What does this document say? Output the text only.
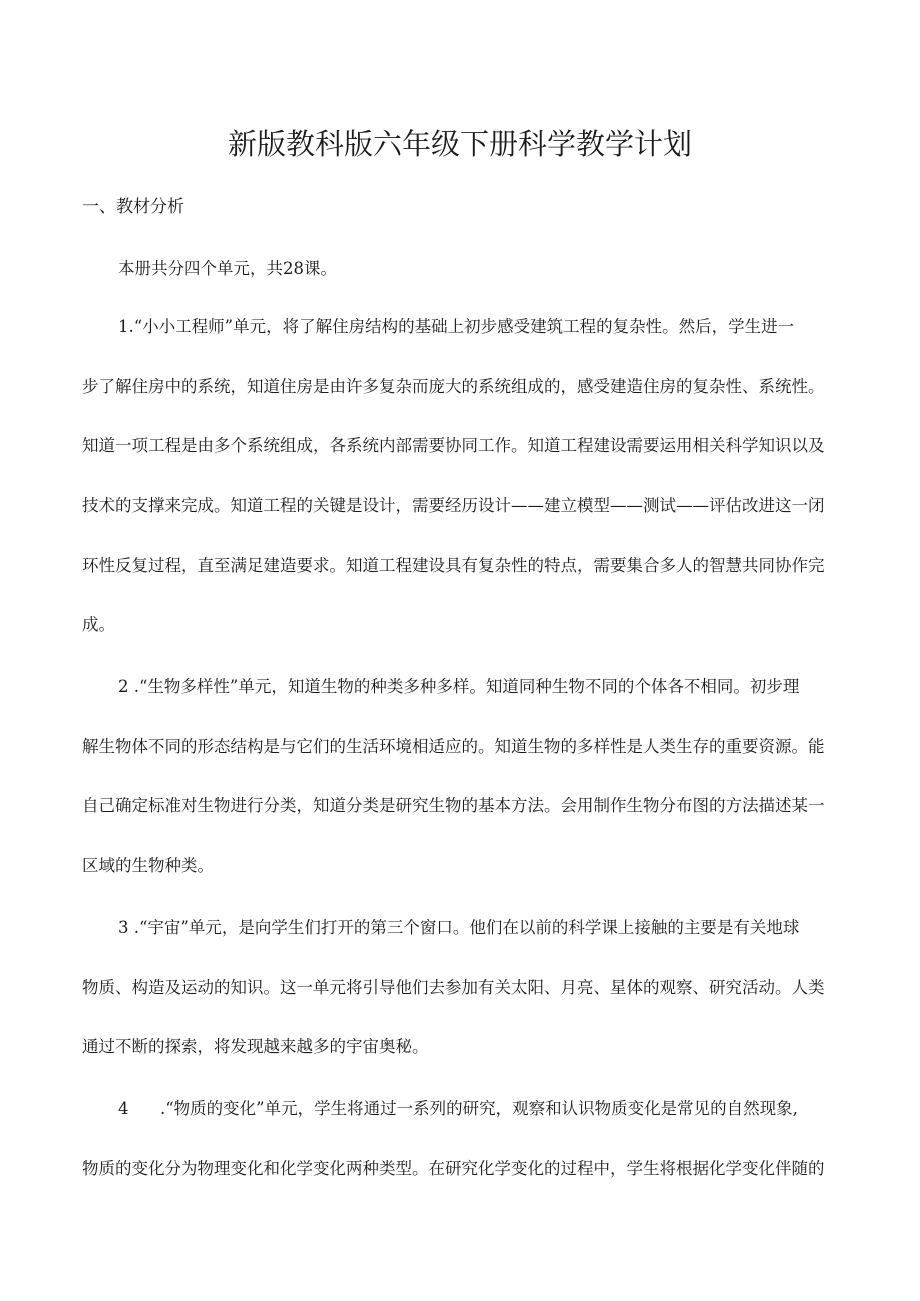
新版教科版六年级下册科学教学计划
一、教材分析

本册共分四个单元，共28课。

1.“小小工程师”单元，将了解住房结构的基础上初步感受建筑工程的复杂性。然后，学生进一

步了解住房中的系统，知道住房是由许多复杂而庞大的系统组成的，感受建造住房的复杂性、系统性。

知道一项工程是由多个系统组成，各系统内部需要协同工作。知道工程建设需要运用相关科学知识以及

技术的支撑来完成。知道工程的关键是设计，需要经历设计——建立模型——测试——评估改进这一闭

环性反复过程，直至满足建造要求。知道工程建设具有复杂性的特点，需要集合多人的智慧共同协作完

成。

2 .“生物多样性”单元，知道生物的种类多种多样。知道同种生物不同的个体各不相同。初步理

解生物体不同的形态结构是与它们的生活环境相适应的。知道生物的多样性是人类生存的重要资源。能

自己确定标准对生物进行分类，知道分类是研究生物的基本方法。会用制作生物分布图的方法描述某一

区域的生物种类。

3 .“宇宙”单元，是向学生们打开的第三个窗口。他们在以前的科学课上接触的主要是有关地球

物质、构造及运动的知识。这一单元将引导他们去参加有关太阳、月亮、星体的观察、研究活动。人类

通过不断的探索，将发现越来越多的宇宙奥秘。

4      .“物质的变化”单元，学生将通过一系列的研究，观察和认识物质变化是常见的自然现象,

物质的变化分为物理变化和化学变化两种类型。在研究化学变化的过程中，学生将根据化学变化伴随的
